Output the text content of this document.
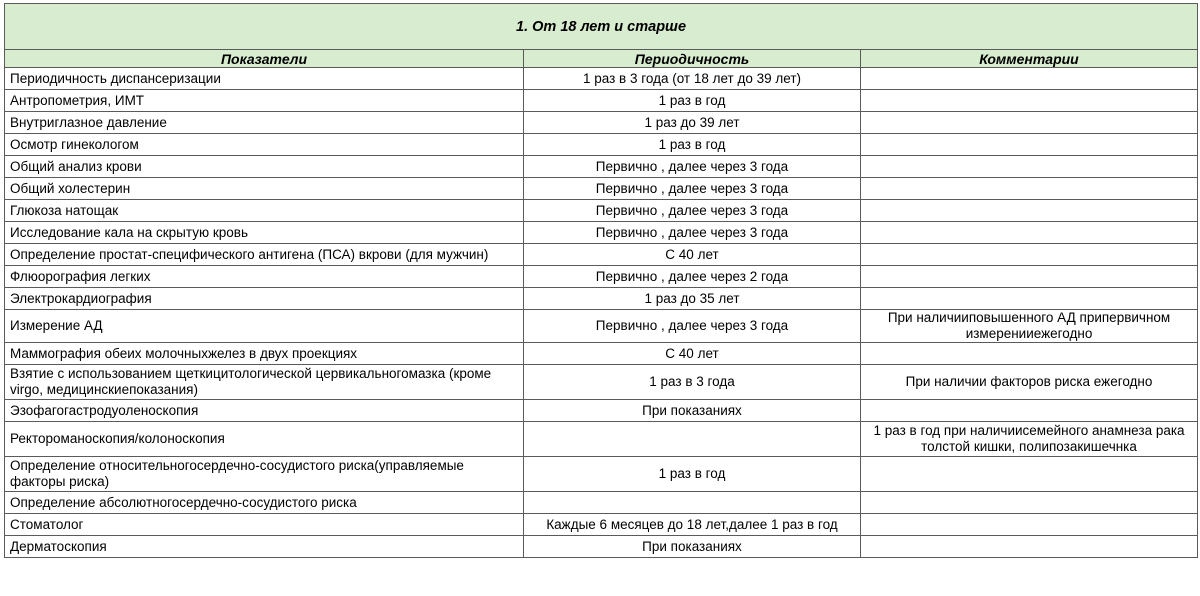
1. От 18 лет и старше		
Показатели	Периодичность	Комментарии
Периодичность диспансеризации	1 раз в 3 года (от 18 лет до 39 лет)	
Антропометрия, ИМТ	1 раз в год	
Внутриглазное давление	1 раз до 39 лет	
Осмотр гинекологом	1 раз в год	
Общий анализ крови	Первично , далее через 3 года	
Общий холестерин	Первично , далее через 3 года	
Глюкоза натощак	Первично , далее через 3 года	
Исследование кала на скрытую кровь	Первично , далее через 3 года	
Определение простат-специфического антигена (ПСА) вкрови (для мужчин)	С 40 лет	
Флюорография легких	Первично , далее через 2 года	
Электрокардиография	1 раз до 35 лет	
Измерение АД	Первично , далее через 3 года	При наличииповышенного АД припервичном измеренииежегодно
Маммография обеих молочныхжелез в двух проекциях	С 40 лет	
Взятие с использованием щеткицитологической цервикальногомазка (кроме virgo, медицинскиепоказания)	1 раз в 3 года	При наличии факторов риска ежегодно
Эзофагогастродуоленоскопия	При показаниях	
Ректороманоскопия/колоноскопия		1 раз в год при наличиисемейного анамнеза рака толстой кишки, полипозакишечнка
Определение относительногосердечно-сосудистого риска(управляемые факторы риска)	1 раз в год	
Определение абсолютногосердечно-сосудистого риска		
Стоматолог	Каждые 6 месяцев до 18 лет,далее 1 раз в год	
Дерматоскопия	При показаниях	
